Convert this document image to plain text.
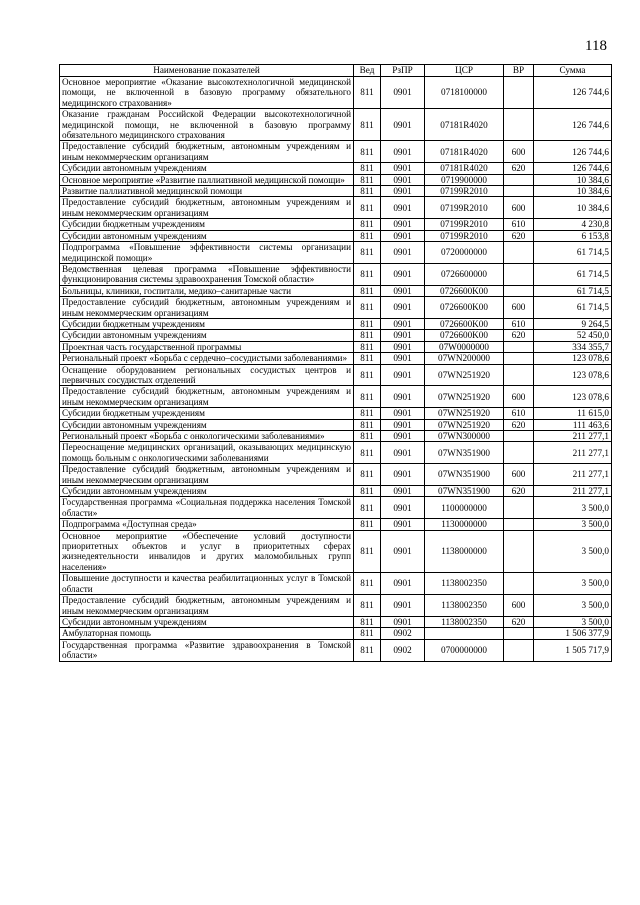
118
Наименование показателей	Вед	РзПР	ЦСР	ВР	Сумма
Основное мероприятие «Оказание высокотехнологичной медицинской помощи, не включенной в базовую программу обязательного медицинского страхования»	811	0901	0718100000		126 744,6
Оказание гражданам Российской Федерации высокотехнологичной медицинской помощи, не включенной в базовую программу обязательного медицинского страхования	811	0901	07181R4020		126 744,6
Предоставление субсидий бюджетным, автономным учреждениям и иным некоммерческим организациям	811	0901	07181R4020	600	126 744,6
Субсидии автономным учреждениям	811	0901	07181R4020	620	126 744,6
Основное мероприятие «Развитие паллиативной медицинской помощи»	811	0901	0719900000		10 384,6
Развитие паллиативной медицинской помощи	811	0901	07199R2010		10 384,6
Предоставление субсидий бюджетным, автономным учреждениям и иным некоммерческим организациям	811	0901	07199R2010	600	10 384,6
Субсидии бюджетным учреждениям	811	0901	07199R2010	610	4 230,8
Субсидии автономным учреждениям	811	0901	07199R2010	620	6 153,8
Подпрограмма «Повышение эффективности системы организации медицинской помощи»	811	0901	0720000000		61 714,5
Ведомственная целевая программа «Повышение эффективности функционирования системы здравоохранения Томской области»	811	0901	0726600000		61 714,5
Больницы, клиники, госпитали, медико–санитарные части	811	0901	0726600K00		61 714,5
Предоставление субсидий бюджетным, автономным учреждениям и иным некоммерческим организациям	811	0901	0726600K00	600	61 714,5
Субсидии бюджетным учреждениям	811	0901	0726600K00	610	9 264,5
Субсидии автономным учреждениям	811	0901	0726600K00	620	52 450,0
Проектная часть государственной программы	811	0901	07W0000000		334 355,7
Региональный проект «Борьба с сердечно–сосудистыми заболеваниями»	811	0901	07WN200000		123 078,6
Оснащение оборудованием региональных сосудистых центров и первичных сосудистых отделений	811	0901	07WN251920		123 078,6
Предоставление субсидий бюджетным, автономным учреждениям и иным некоммерческим организациям	811	0901	07WN251920	600	123 078,6
Субсидии бюджетным учреждениям	811	0901	07WN251920	610	11 615,0
Субсидии автономным учреждениям	811	0901	07WN251920	620	111 463,6
Региональный проект «Борьба с онкологическими заболеваниями»	811	0901	07WN300000		211 277,1
Переоснащение медицинских организаций, оказывающих медицинскую помощь больным с онкологическими заболеваниями	811	0901	07WN351900		211 277,1
Предоставление субсидий бюджетным, автономным учреждениям и иным некоммерческим организациям	811	0901	07WN351900	600	211 277,1
Субсидии автономным учреждениям	811	0901	07WN351900	620	211 277,1
Государственная программа «Социальная поддержка населения Томской области»	811	0901	1100000000		3 500,0
Подпрограмма «Доступная среда»	811	0901	1130000000		3 500,0
Основное мероприятие «Обеспечение условий доступности приоритетных объектов и услуг в приоритетных сферах жизнедеятельности инвалидов и других маломобильных групп населения»	811	0901	1138000000		3 500,0
Повышение доступности и качества реабилитационных услуг в Томской области	811	0901	1138002350		3 500,0
Предоставление субсидий бюджетным, автономным учреждениям и иным некоммерческим организациям	811	0901	1138002350	600	3 500,0
Субсидии автономным учреждениям	811	0901	1138002350	620	3 500,0
Амбулаторная помощь	811	0902			1 506 377,9
Государственная программа «Развитие здравоохранения в Томской области»	811	0902	0700000000		1 505 717,9
